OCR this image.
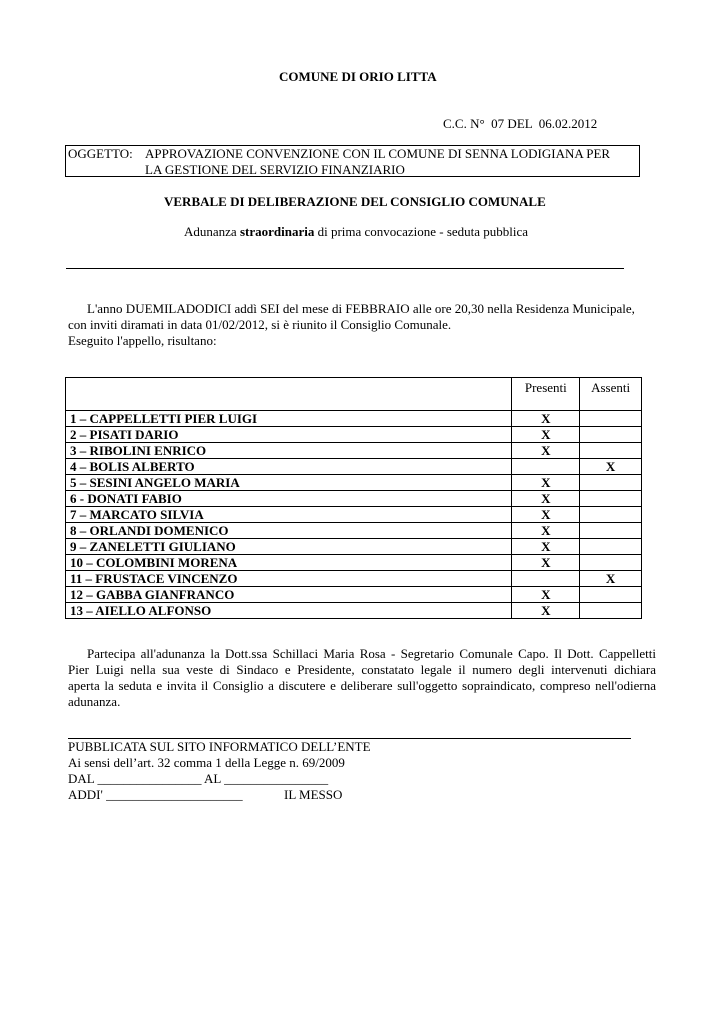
COMUNE DI ORIO LITTA
C.C. N°  07 DEL  06.02.2012
OGGETTO: APPROVAZIONE CONVENZIONE CON IL COMUNE DI SENNA LODIGIANA PER
LA GESTIONE DEL SERVIZIO FINANZIARIO
VERBALE DI DELIBERAZIONE DEL CONSIGLIO COMUNALE
Adunanza straordinaria di prima convocazione - seduta pubblica
L'anno DUEMILADODICI addì SEI del mese di FEBBRAIO alle ore 20,30 nella Residenza Municipale,
con inviti diramati in data 01/02/2012, si è riunito il Consiglio Comunale.
Eseguito l'appello, risultano:
	Presenti	Assenti
1 – CAPPELLETTI PIER LUIGI	X	
2 – PISATI DARIO	X	
3 – RIBOLINI ENRICO	X	
4 – BOLIS ALBERTO		X
5 – SESINI ANGELO MARIA	X	
6 - DONATI FABIO	X	
7 – MARCATO SILVIA	X	
8 – ORLANDI DOMENICO	X	
9 – ZANELETTI GIULIANO	X	
10 – COLOMBINI MORENA	X	
11 – FRUSTACE VINCENZO		X
12 – GABBA GIANFRANCO	X	
13 – AIELLO ALFONSO	X	
Partecipa all'adunanza la Dott.ssa Schillaci Maria Rosa - Segretario Comunale Capo. Il Dott. Cappelletti
Pier Luigi nella sua veste di Sindaco e Presidente, constatato legale il numero degli intervenuti dichiara
aperta la seduta e invita il Consiglio a discutere e deliberare sull'oggetto sopraindicato, compreso nell'odierna
adunanza.
PUBBLICATA SUL SITO INFORMATICO DELL’ENTE
Ai sensi dell’art. 32 comma 1 della Legge n. 69/2009
DAL ________________ AL ________________
ADDI' _____________________	IL MESSO
